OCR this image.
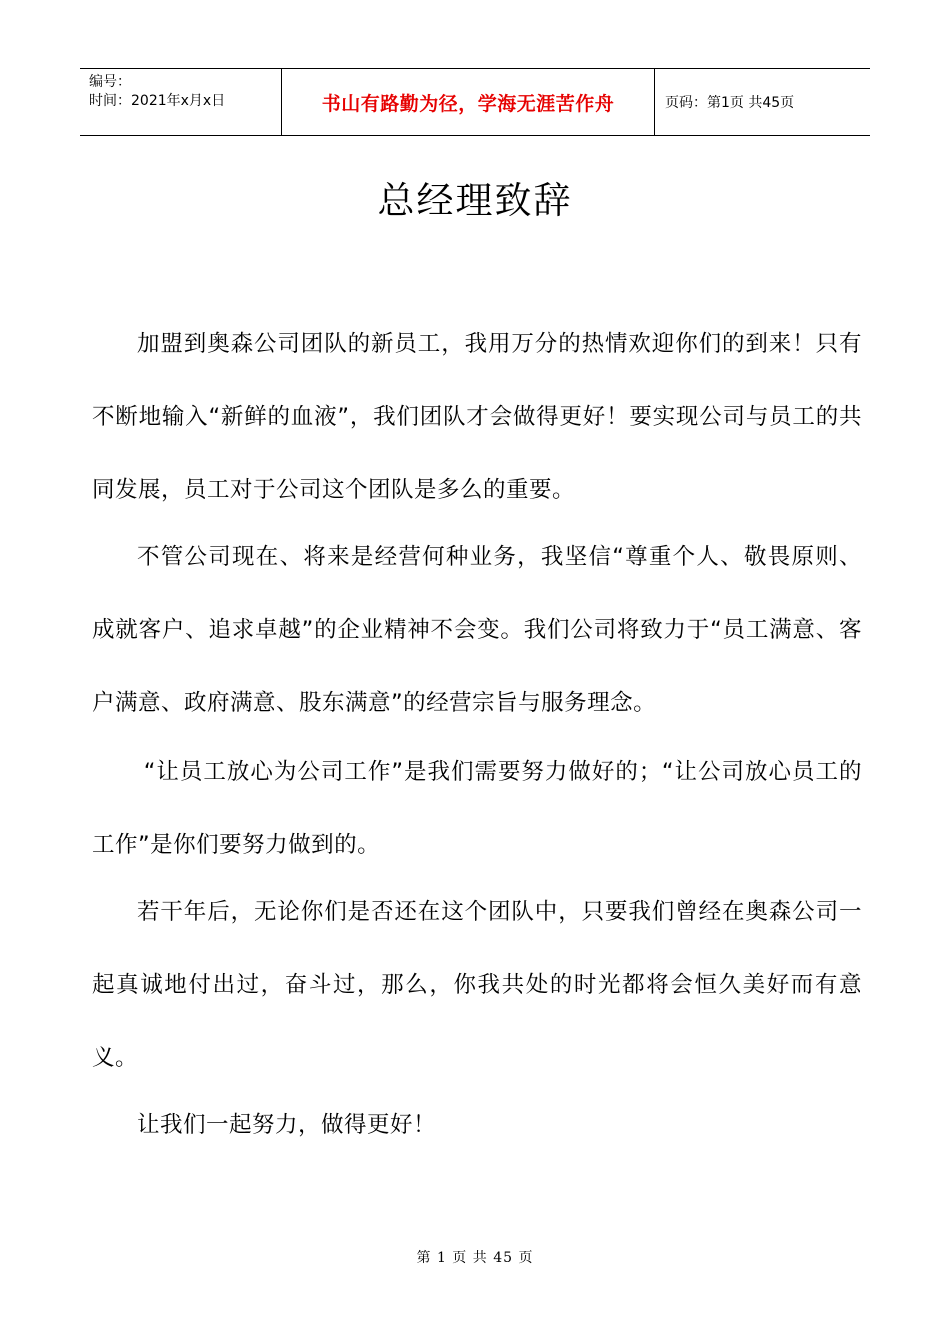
编号：
时间：2021年x月x日	书山有路勤为径，学海无涯苦作舟	页码：第1页 共45页
总经理致辞

加盟到奥森公司团队的新员工，我用万分的热情欢迎你们的到来！只有不断地输入“新鲜的血液”，我们团队才会做得更好！要实现公司与员工的共同发展，员工对于公司这个团队是多么的重要。

不管公司现在、将来是经营何种业务，我坚信“尊重个人、敬畏原则、成就客户、追求卓越”的企业精神不会变。我们公司将致力于“员工满意、客户满意、政府满意、股东满意”的经营宗旨与服务理念。

“让员工放心为公司工作”是我们需要努力做好的；“让公司放心员工的工作”是你们要努力做到的。

若干年后，无论你们是否还在这个团队中，只要我们曾经在奥森公司一起真诚地付出过，奋斗过，那么，你我共处的时光都将会恒久美好而有意义。

让我们一起努力，做得更好！

第 1 页 共 45 页
